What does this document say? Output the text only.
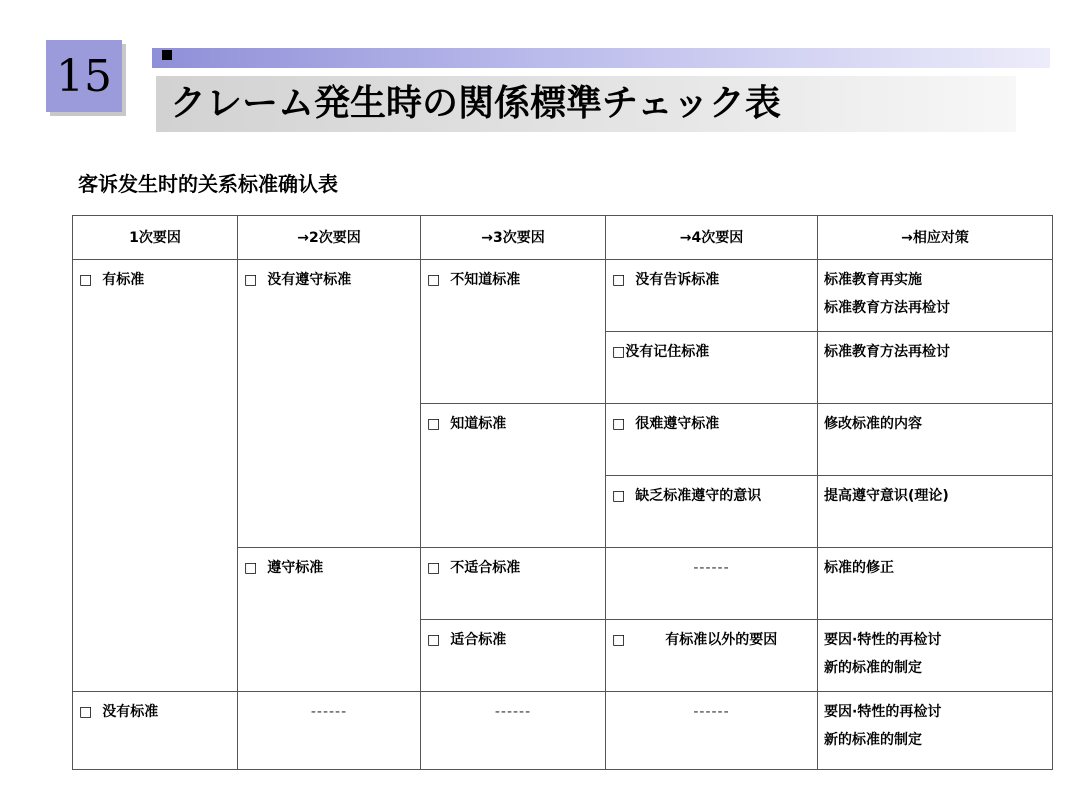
15
クレーム発生時の関係標準チェック表
客诉发生时的关系标准确认表
1次要因	→2次要因	→3次要因	→4次要因	→相应对策
□ 有标准	□ 没有遵守标准	□ 不知道标准	□ 没有告诉标准	标准教育再实施
标准教育方法再检讨

			□没有记住标准	标准教育方法再检讨
		□ 知道标准	□ 很难遵守标准	修改标准的内容
			□ 缺乏标准遵守的意识	提高遵守意识(理论)
	□ 遵守标准	□ 不适合标准	------	标准的修正
		□ 适合标准	□ 有标准以外的要因	要因·特性的再检讨
新的标准的制定

□ 没有标准	------	------	------	要因·特性的再检讨
新的标准的制定
